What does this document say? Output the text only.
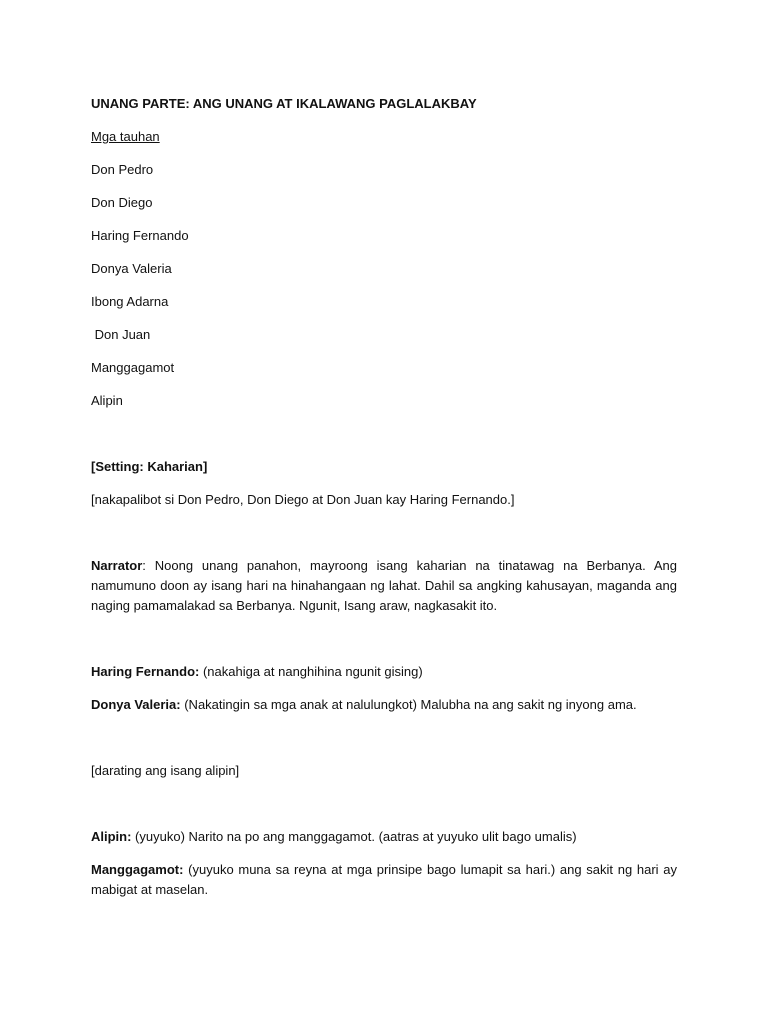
UNANG PARTE: ANG UNANG AT IKALAWANG PAGLALAKBAY

Mga tauhan

Don Pedro

Don Diego

Haring Fernando

Donya Valeria

Ibong Adarna

Don Juan

Manggagamot

Alipin

[Setting: Kaharian]

[nakapalibot si Don Pedro, Don Diego at Don Juan kay Haring Fernando.]

Narrator: Noong unang panahon, mayroong isang kaharian na tinatawag na Berbanya. Ang namumuno doon ay isang hari na hinahangaan ng lahat. Dahil sa angking kahusayan, maganda ang naging pamamalakad sa Berbanya. Ngunit, Isang araw, nagkasakit ito.

Haring Fernando: (nakahiga at nanghihina ngunit gising)

Donya Valeria: (Nakatingin sa mga anak at nalulungkot) Malubha na ang sakit ng inyong ama.

[darating ang isang alipin]

Alipin: (yuyuko) Narito na po ang manggagamot. (aatras at yuyuko ulit bago umalis)

Manggagamot: (yuyuko muna sa reyna at mga prinsipe bago lumapit sa hari.) ang sakit ng hari ay mabigat at maselan.
